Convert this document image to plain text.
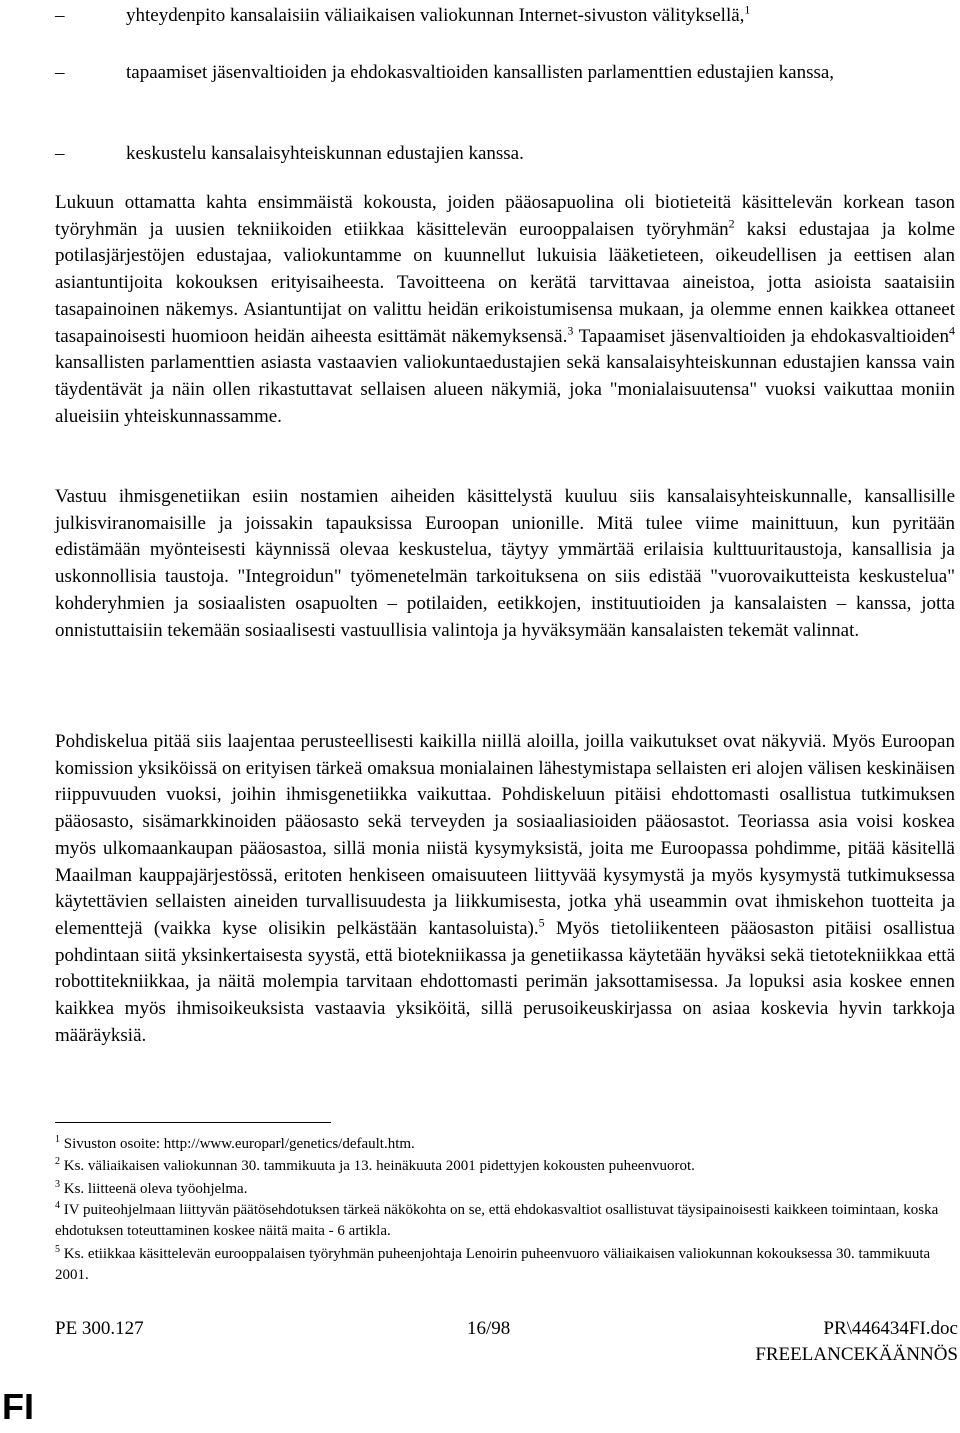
–	yhteydenpito kansalaisiin väliaikaisen valiokunnan Internet-sivuston välityksellä,$^1$
–	tapaamiset jäsenvaltioiden ja ehdokasvaltioiden kansallisten parlamenttien edustajien kanssa,
–	keskustelu kansalaisyhteiskunnan edustajien kanssa.

Lukuun ottamatta kahta ensimmäistä kokousta, joiden pääosapuolina oli biotieteitä käsittelevän korkean tason työryhmän ja uusien tekniikoiden etiikkaa käsittelevän eurooppalaisen työryhmän$^2$ kaksi edustajaa ja kolme potilasjärjestöjen edustajaa, valiokuntamme on kuunnellut lukuisia lääketieteen, oikeudellisen ja eettisen alan asiantuntijoita kokouksen erityisaiheesta. Tavoitteena on kerätä tarvittavaa aineistoa, jotta asioista saataisiin tasapainoinen näkemys. Asiantuntijat on valittu heidän erikoistumisensa mukaan, ja olemme ennen kaikkea ottaneet tasapainoisesti huomioon heidän aiheesta esittämät näkemyksensä.$^3$ Tapaamiset jäsenvaltioiden ja ehdokasvaltioiden$^4$ kansallisten parlamenttien asiasta vastaavien valiokuntaedustajien sekä kansalaisyhteiskunnan edustajien kanssa vain täydentävät ja näin ollen rikastuttavat sellaisen alueen näkymiä, joka "monialaisuutensa" vuoksi vaikuttaa moniin alueisiin yhteiskunnassamme.

Vastuu ihmisgenetiikan esiin nostamien aiheiden käsittelystä kuuluu siis kansalaisyhteiskunnalle, kansallisille julkisviranomaisille ja joissakin tapauksissa Euroopan unionille. Mitä tulee viime mainittuun, kun pyritään edistämään myönteisesti käynnissä olevaa keskustelua, täytyy ymmärtää erilaisia kulttuuritaustoja, kansallisia ja uskonnollisia taustoja. "Integroidun" työmenetelmän tarkoituksena on siis edistää "vuorovaikutteista keskustelua" kohderyhmien ja sosiaalisten osapuolten – potilaiden, eetikkojen, instituutioiden ja kansalaisten – kanssa, jotta onnistuttaisiin tekemään sosiaalisesti vastuullisia valintoja ja hyväksymään kansalaisten tekemät valinnat.

Pohdiskelua pitää siis laajentaa perusteellisesti kaikilla niillä aloilla, joilla vaikutukset ovat näkyviä. Myös Euroopan komission yksiköissä on erityisen tärkeä omaksua monialainen lähestymistapa sellaisten eri alojen välisen keskinäisen riippuvuuden vuoksi, joihin ihmisgenetiikka vaikuttaa. Pohdiskeluun pitäisi ehdottomasti osallistua tutkimuksen pääosasto, sisämarkkinoiden pääosasto sekä terveyden ja sosiaaliasioiden pääosastot. Teoriassa asia voisi koskea myös ulkomaankaupan pääosastoa, sillä monia niistä kysymyksistä, joita me Euroopassa pohdimme, pitää käsitellä Maailman kauppajärjestössä, eritoten henkiseen omaisuuteen liittyvää kysymystä ja myös kysymystä tutkimuksessa käytettävien sellaisten aineiden turvallisuudesta ja liikkumisesta, jotka yhä useammin ovat ihmiskehon tuotteita ja elementtejä (vaikka kyse olisikin pelkästään kantasoluista).$^5$ Myös tietoliikenteen pääosaston pitäisi osallistua pohdintaan siitä yksinkertaisesta syystä, että biotekniikassa ja genetiikassa käytetään hyväksi sekä tietotekniikkaa että robottitekniikkaa, ja näitä molempia tarvitaan ehdottomasti perimän jaksottamisessa. Ja lopuksi asia koskee ennen kaikkea myös ihmisoikeuksista vastaavia yksiköitä, sillä perusoikeuskirjassa on asiaa koskevia hyvin tarkkoja määräyksiä.

$^1$ Sivuston osoite: http://www.europarl/genetics/default.htm.
$^2$ Ks. väliaikaisen valiokunnan 30. tammikuuta ja 13. heinäkuuta 2001 pidettyjen kokousten puheenvuorot.
$^3$ Ks. liitteenä oleva työohjelma.
$^4$ IV puiteohjelmaan liittyvän päätösehdotuksen tärkeä näkökohta on se, että ehdokasvaltiot osallistuvat täysipainoisesti kaikkeen toimintaan, koska ehdotuksen toteuttaminen koskee näitä maita - 6 artikla.
$^5$ Ks. etiikkaa käsittelevän eurooppalaisen työryhmän puheenjohtaja Lenoirin puheenvuoro väliaikaisen valiokunnan kokouksessa 30. tammikuuta 2001.
PE 300.127	16/98	PR\446434FI.doc
FREELANCEKÄÄNNÖS
FI
